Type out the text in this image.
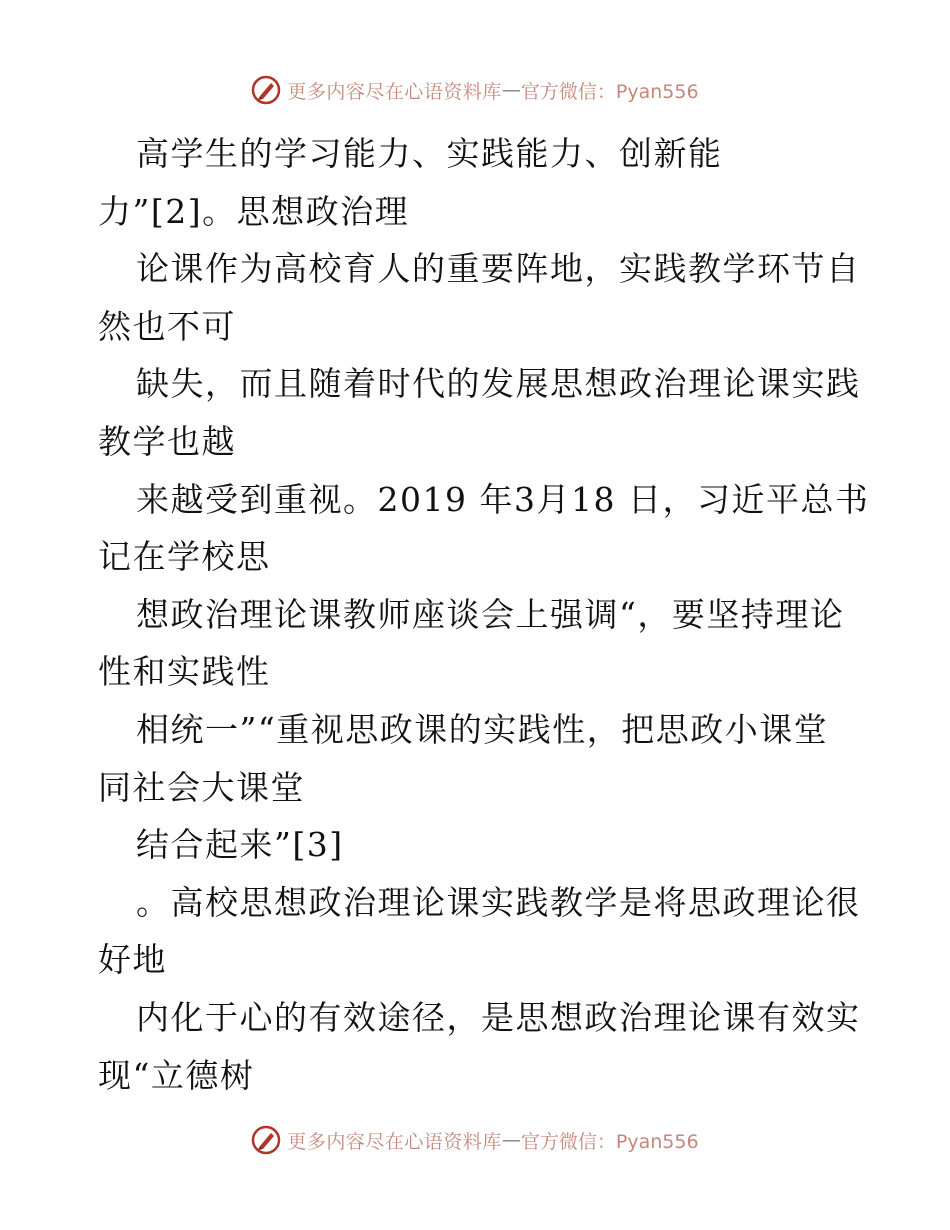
更多内容尽在心语资料库 — 官方微信：Pyan556
高学生的学习能力、实践能力、创新能
力”[2]。思想政治理
论课作为高校育人的重要阵地，实践教学环节自
然也不可
缺失，而且随着时代的发展思想政治理论课实践
教学也越
来越受到重视。2019 年3月18 日，习近平总书
记在学校思
想政治理论课教师座谈会上强调“，要坚持理论
性和实践性
相统一”“重视思政课的实践性，把思政小课堂
同社会大课堂
结合起来”[3]
。高校思想政治理论课实践教学是将思政理论很
好地
内化于心的有效途径，是思想政治理论课有效实
现“立德树
更多内容尽在心语资料库 — 官方微信：Pyan556
